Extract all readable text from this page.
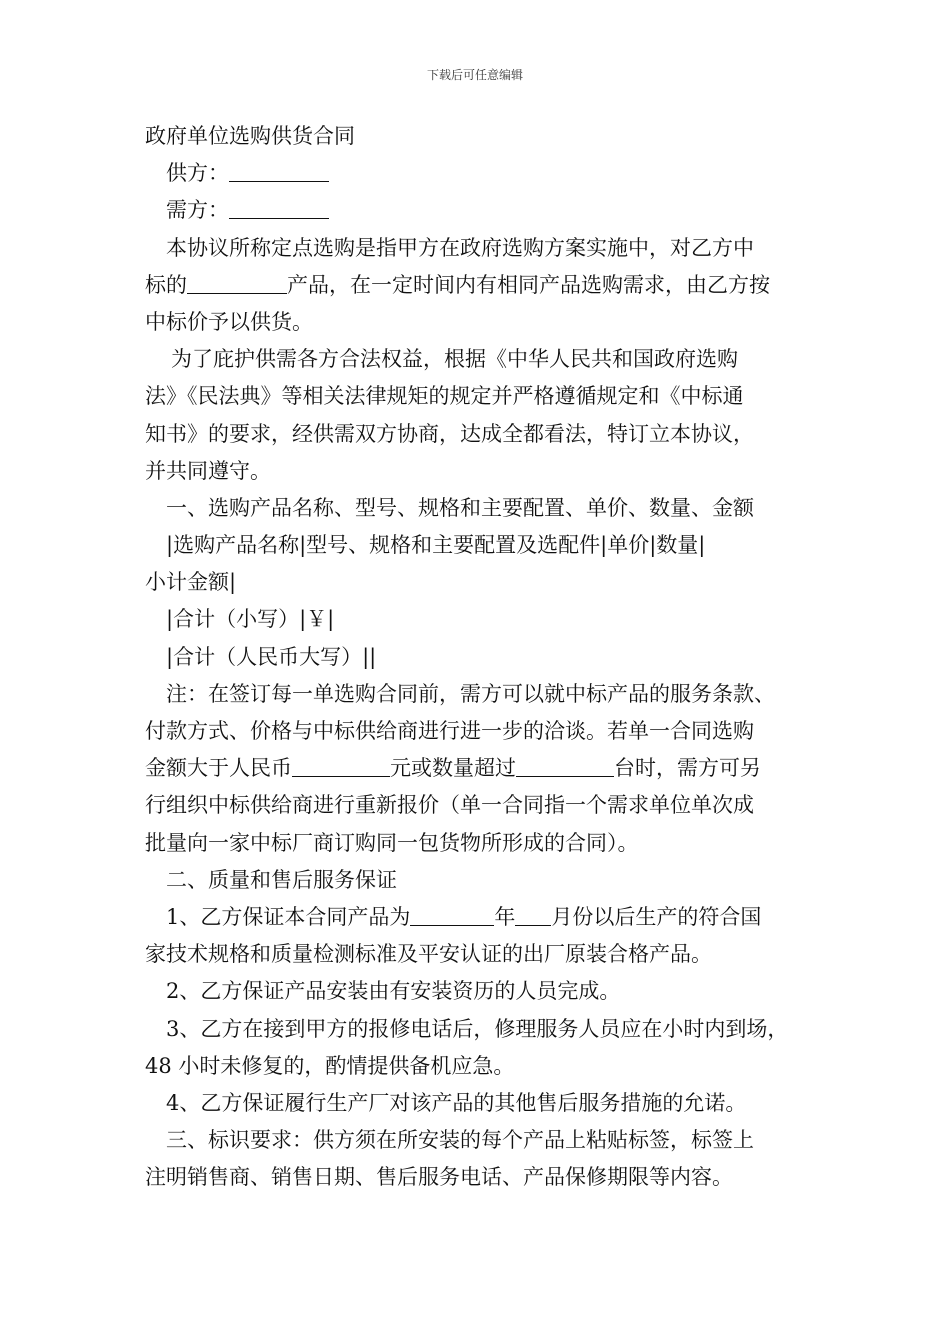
下载后可任意编辑
政府单位选购供货合同
供方：
需方：
本协议所称定点选购是指甲方在政府选购方案实施中，对乙方中
标的	产品，在一定时间内有相同产品选购需求，由乙方按
中标价予以供货。
为了庇护供需各方合法权益，根据《中华人民共和国政府选购
法》《民法典》等相关法律规矩的规定并严格遵循规定和《中标通
知书》的要求，经供需双方协商，达成全都看法，特订立本协议，
并共同遵守。
一、选购产品名称、型号、规格和主要配置、单价、数量、金额
|选购产品名称|型号、规格和主要配置及选配件|单价|数量|
小计金额|
|合计（小写）|￥|
|合计（人民币大写）||
注：在签订每一单选购合同前，需方可以就中标产品的服务条款、
付款方式、价格与中标供给商进行进一步的洽谈。若单一合同选购
金额大于人民币	元或数量超过	台时，需方可另
行组织中标供给商进行重新报价（单一合同指一个需求单位单次成
批量向一家中标厂商订购同一包货物所形成的合同）。
二、质量和售后服务保证
1、乙方保证本合同产品为	年 月份以后生产的符合国
家技术规格和质量检测标准及平安认证的出厂原装合格产品。
2、乙方保证产品安装由有安装资历的人员完成。
3、乙方在接到甲方的报修电话后，修理服务人员应在小时内到场，
48 小时未修复的，酌情提供备机应急。
4、乙方保证履行生产厂对该产品的其他售后服务措施的允诺。
三、标识要求：供方须在所安装的每个产品上粘贴标签，标签上
注明销售商、销售日期、售后服务电话、产品保修期限等内容。
